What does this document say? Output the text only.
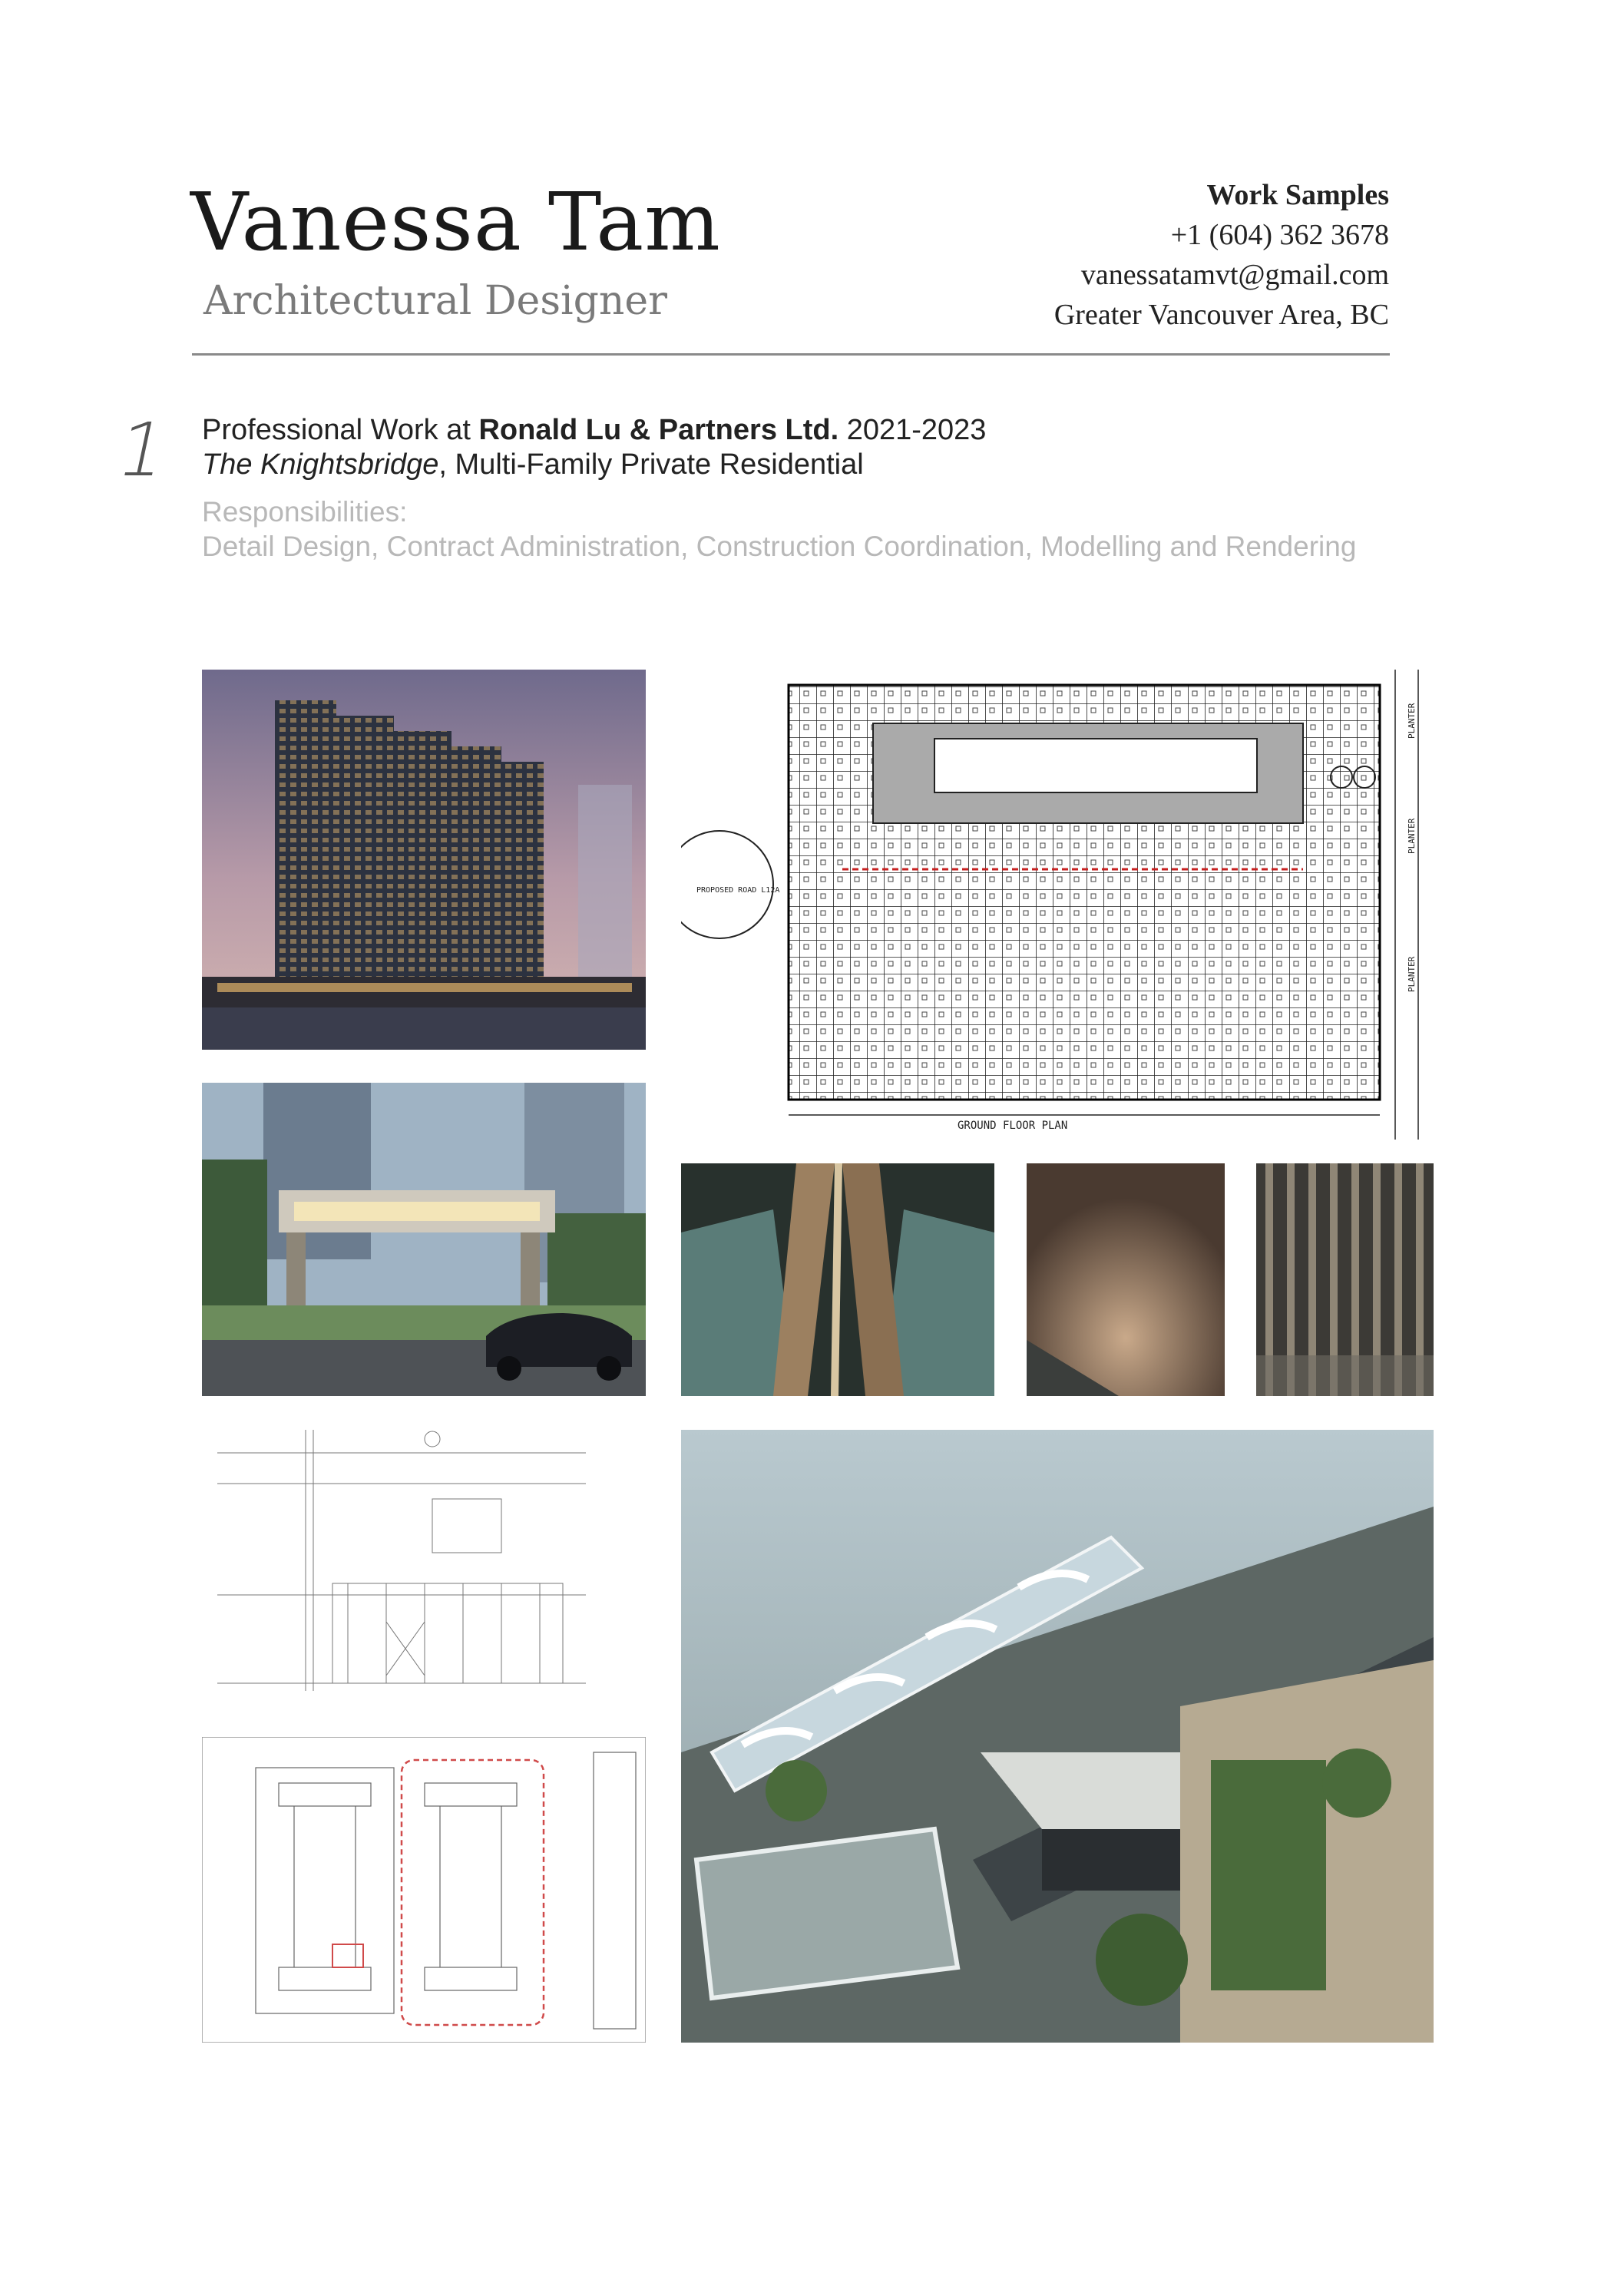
Vanessa Tam
Architectural Designer
Work Samples
+1 (604) 362 3678
vanessatamvt@gmail.com
Greater Vancouver Area, BC
1 Professional Work at Ronald Lu & Partners Ltd. 2021-2023
The Knightsbridge, Multi-Family Private Residential
Responsibilities:
Detail Design, Contract Administration, Construction Coordination, Modelling and Rendering
GROUND FLOOR PLAN
PROPOSED ROAD L12A
PLANTER
PLANTER
PLANTER
